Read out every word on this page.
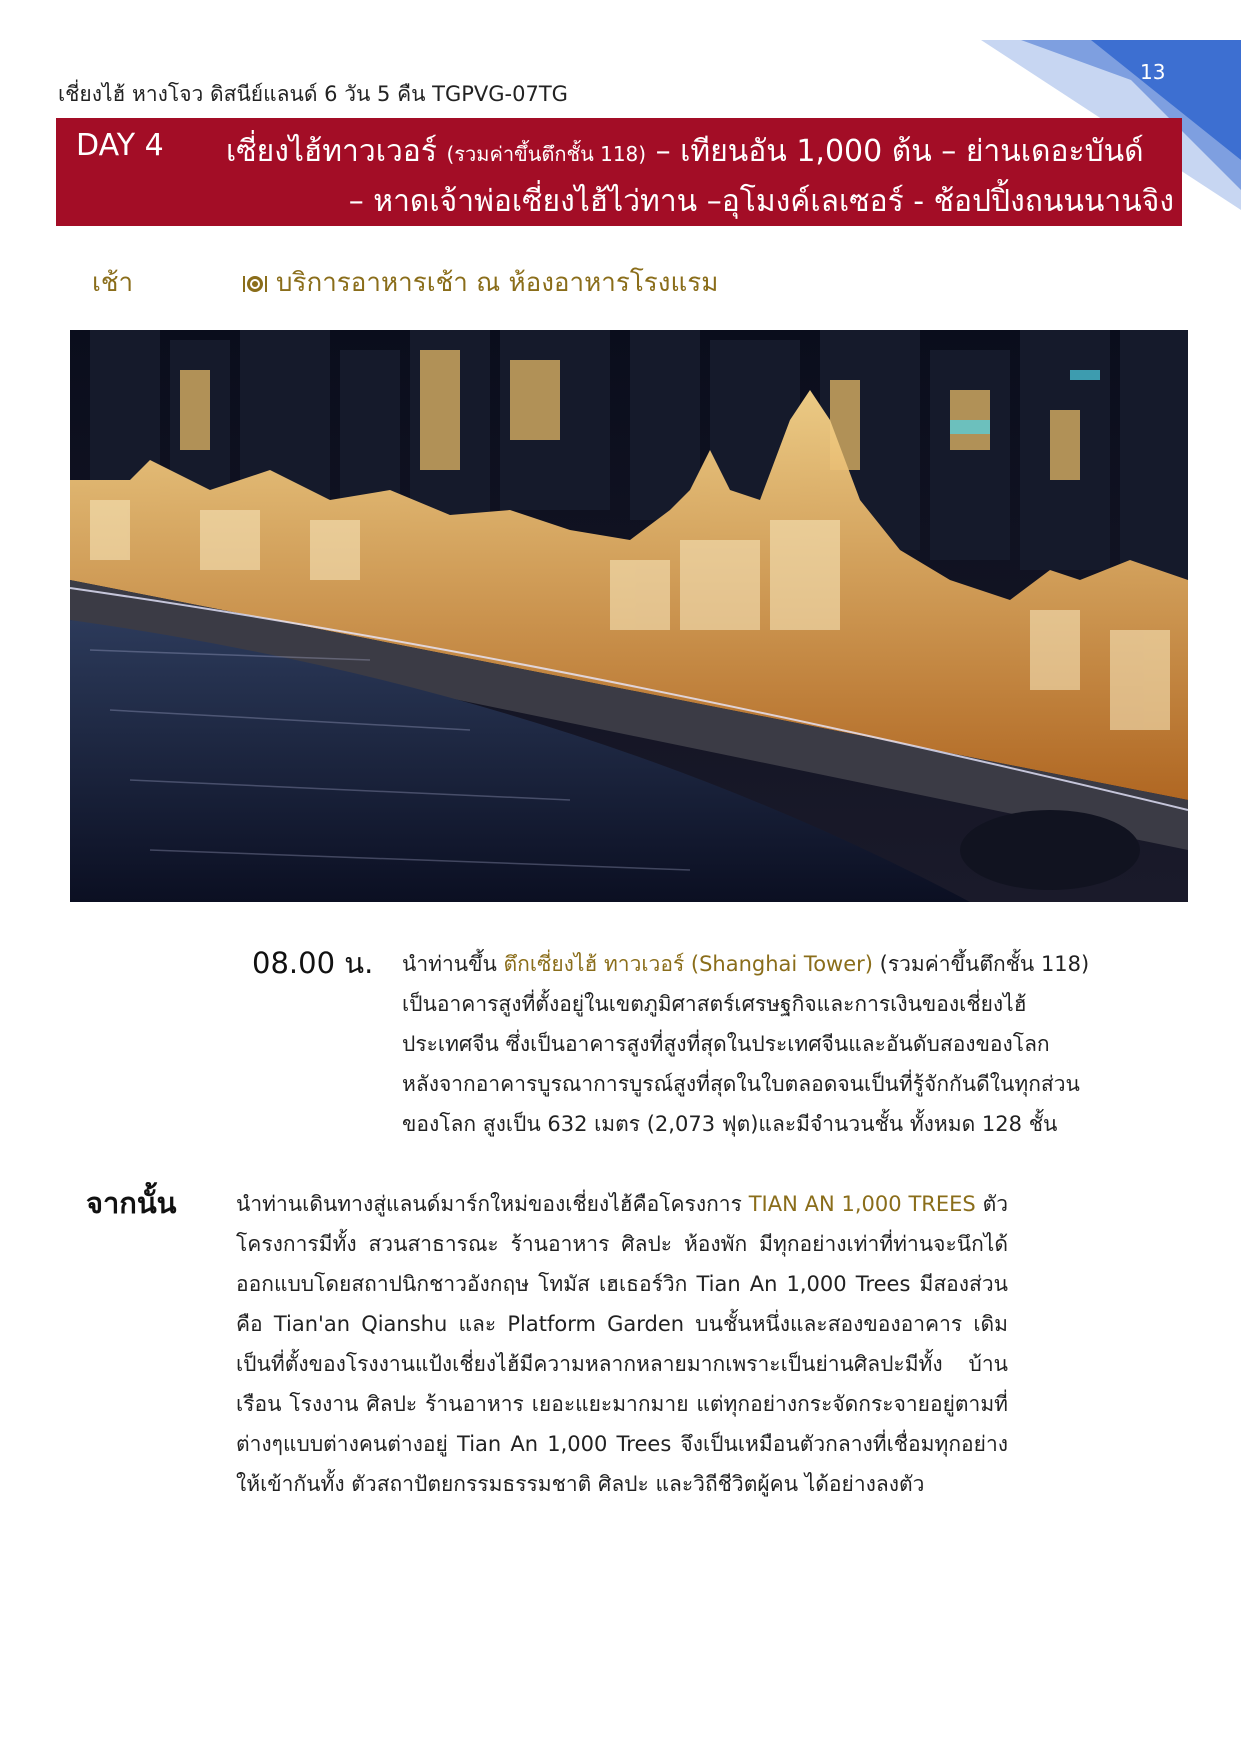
13
เชี่ยงไฮ้ หางโจว ดิสนีย์แลนด์ 6 วัน 5 คืน TGPVG-07TG
DAY 4 เซี่ยงไฮ้ทาวเวอร์ (รวมค่าขึ้นตึกชั้น 118) – เทียนอัน 1,000 ต้น – ย่านเดอะบันด์
– หาดเจ้าพ่อเซี่ยงไฮ้ไว่ทาน –อุโมงค์เลเซอร์ - ช้อปปิ้งถนนนานจิง
เช้า	บริการอาหารเช้า ณ ห้องอาหารโรงแรม
08.00 น. นำท่านขึ้น ตึกเซี่ยงไฮ้ ทาวเวอร์ (Shanghai Tower) (รวมค่าขึ้นตึกชั้น 118)
เป็นอาคารสูงที่ตั้งอยู่ในเขตภูมิศาสตร์เศรษฐกิจและการเงินของเชี่ยงไฮ้
ประเทศจีน ซึ่งเป็นอาคารสูงที่สูงที่สุดในประเทศจีนและอันดับสองของโลก
หลังจากอาคารบูรณาการบูรณ์สูงที่สุดในใบตลอดจนเป็นที่รู้จักกันดีในทุกส่วน
ของโลก สูงเป็น 632 เมตร (2,073 ฟุต)และมีจำนวนชั้น ทั้งหมด 128 ชั้น
จากนั้น	นำท่านเดินทางสู่แลนด์มาร์กใหม่ของเชี่ยงไฮ้คือโครงการ TIAN AN 1,000 TREES ตัวโครงการมีทั้ง สวนสาธารณะ ร้านอาหาร ศิลปะ ห้องพัก มีทุกอย่างเท่าที่ท่านจะนึกได้ ออกแบบโดยสถาปนิกชาวอังกฤษ โทมัส เฮเธอร์วิก Tian An 1,000 Trees มีสองส่วนคือ Tian'an Qianshu และ Platform Garden บนชั้นหนึ่งและสองของอาคาร เดิมเป็นที่ตั้งของโรงงานแป้งเชี่ยงไฮ้มีความหลากหลายมากเพราะเป็นย่านศิลปะมีทั้ง บ้านเรือน โรงงาน ศิลปะ ร้านอาหาร เยอะแยะมากมาย แต่ทุกอย่างกระจัดกระจายอยู่ตามที่ต่างๆแบบต่างคนต่างอยู่ Tian An 1,000 Trees จึงเป็นเหมือนตัวกลางที่เชื่อมทุกอย่างให้เข้ากันทั้ง ตัวสถาปัตยกรรมธรรมชาติ ศิลปะ และวิถีชีวิตผู้คน ได้อย่างลงตัว
